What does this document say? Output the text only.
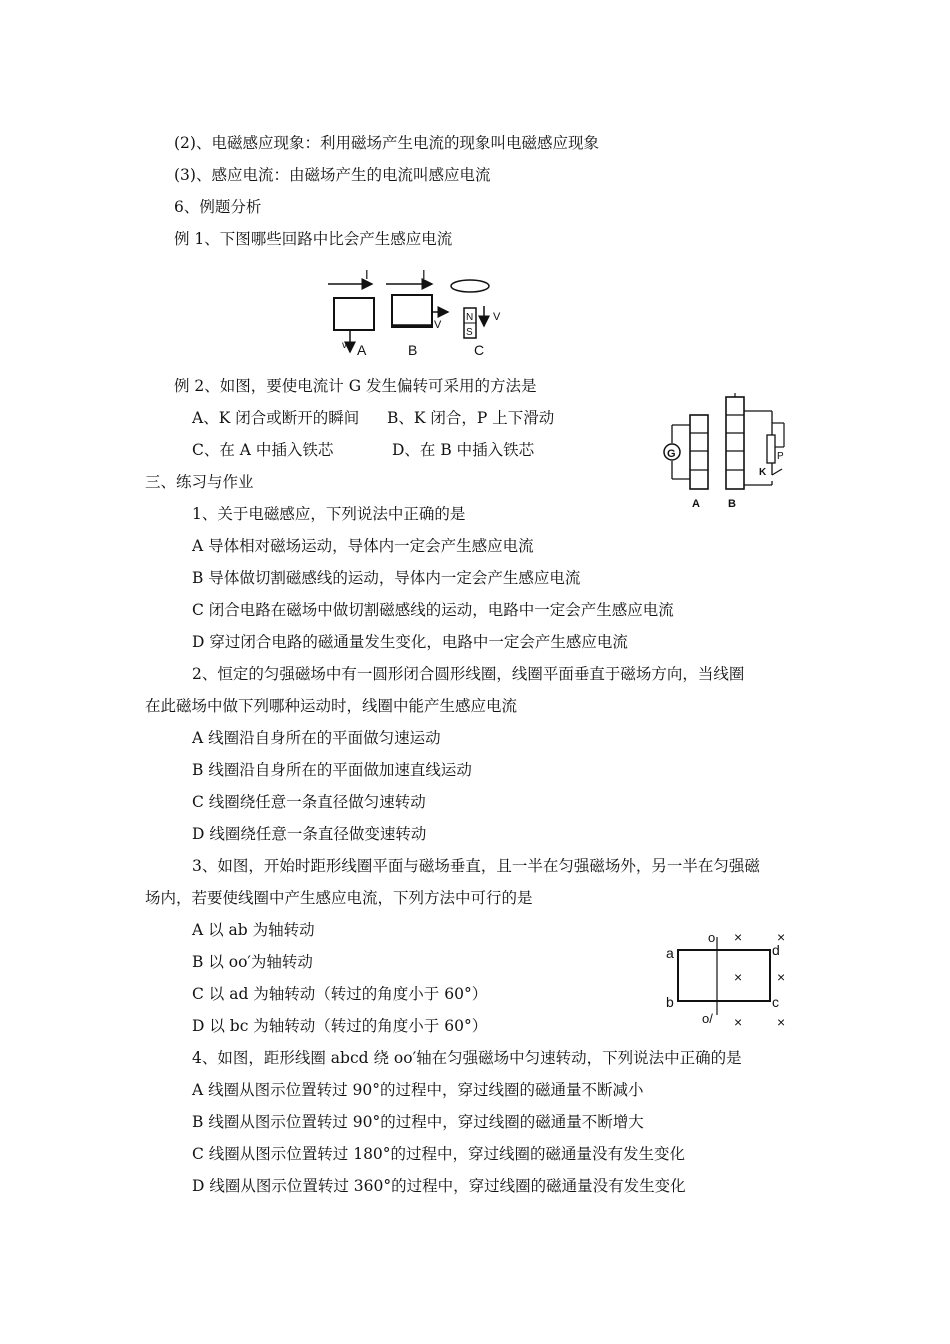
(2)、电磁感应现象：利用磁场产生电流的现象叫电磁感应现象
(3)、感应电流：由磁场产生的电流叫感应电流
6、例题分析
例 1、下图哪些回路中比会产生感应电流
I
v A
I
V
B
N
S
V
C
例 2、如图，要使电流计 G 发生偏转可采用的方法是
A、K 闭合或断开的瞬间 B、K 闭合，P 上下滑动
C、在 A 中插入铁芯	D、在 B 中插入铁芯	G
A	B
P
K
三、练习与作业
1、关于电磁感应，下列说法中正确的是
A 导体相对磁场运动，导体内一定会产生感应电流
B 导体做切割磁感线的运动，导体内一定会产生感应电流
C 闭合电路在磁场中做切割磁感线的运动，电路中一定会产生感应电流
D 穿过闭合电路的磁通量发生变化，电路中一定会产生感应电流
2、恒定的匀强磁场中有一圆形闭合圆形线圈，线圈平面垂直于磁场方向，当线圈
在此磁场中做下列哪种运动时，线圈中能产生感应电流
A 线圈沿自身所在的平面做匀速运动
B 线圈沿自身所在的平面做加速直线运动
C 线圈绕任意一条直径做匀速转动
D 线圈绕任意一条直径做变速转动
3、如图，开始时距形线圈平面与磁场垂直，且一半在匀强磁场外，另一半在匀强磁
场内，若要使线圈中产生感应电流，下列方法中可行的是
A 以 ab 为轴转动
B 以 oo′为轴转动
C 以 ad 为轴转动（转过的角度小于 60°）
D 以 bc 为轴转动（转过的角度小于 60°）
a
b	c
d
o
o/
× ×
× ×
× ×
4、如图，距形线圈 abcd 绕 oo′轴在匀强磁场中匀速转动，下列说法中正确的是
A 线圈从图示位置转过 90°的过程中，穿过线圈的磁通量不断减小
B 线圈从图示位置转过 90°的过程中，穿过线圈的磁通量不断增大
C 线圈从图示位置转过 180°的过程中，穿过线圈的磁通量没有发生变化
D 线圈从图示位置转过 360°的过程中，穿过线圈的磁通量没有发生变化
